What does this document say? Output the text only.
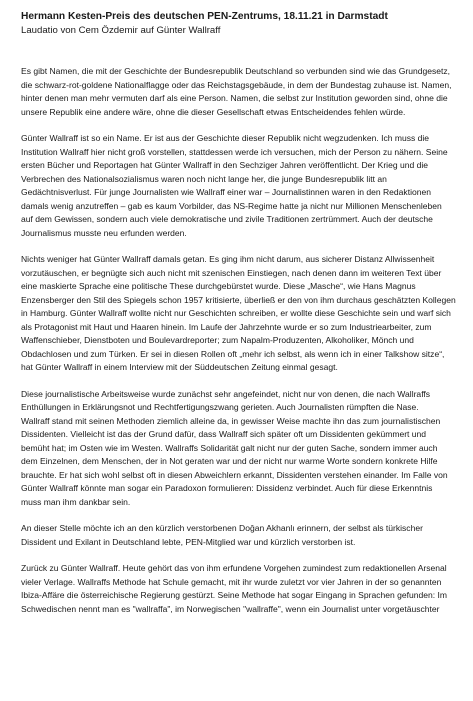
Hermann Kesten-Preis des deutschen PEN-Zentrums, 18.11.21 in Darmstadt

Laudatio von Cem Özdemir auf Günter Wallraff

Es gibt Namen, die mit der Geschichte der Bundesrepublik Deutschland so verbunden sind wie das Grundgesetz,
die schwarz-rot-goldene Nationalflagge oder das Reichstagsgebäude, in dem der Bundestag zuhause ist. Namen,
hinter denen man mehr vermuten darf als eine Person. Namen, die selbst zur Institution geworden sind, ohne die
unsere Republik eine andere wäre, ohne die dieser Gesellschaft etwas Entscheidendes fehlen würde.
Günter Wallraff ist so ein Name. Er ist aus der Geschichte dieser Republik nicht wegzudenken. Ich muss die
Institution Wallraff hier nicht groß vorstellen, stattdessen werde ich versuchen, mich der Person zu nähern. Seine
ersten Bücher und Reportagen hat Günter Wallraff in den Sechziger Jahren veröffentlicht. Der Krieg und die
Verbrechen des Nationalsozialismus waren noch nicht lange her, die junge Bundesrepublik litt an
Gedächtnisverlust. Für junge Journalisten wie Wallraff einer war – Journalistinnen waren in den Redaktionen
damals wenig anzutreffen – gab es kaum Vorbilder, das NS-Regime hatte ja nicht nur Millionen Menschenleben
auf dem Gewissen, sondern auch viele demokratische und zivile Traditionen zertrümmert. Auch der deutsche
Journalismus musste neu erfunden werden.
Nichts weniger hat Günter Wallraff damals getan. Es ging ihm nicht darum, aus sicherer Distanz Allwissenheit
vorzutäuschen, er begnügte sich auch nicht mit szenischen Einstiegen, nach denen dann im weiteren Text über
eine maskierte Sprache eine politische These durchgebürstet wurde. Diese „Masche“, wie Hans Magnus
Enzensberger den Stil des Spiegels schon 1957 kritisierte, überließ er den von ihm durchaus geschätzten Kollegen
in Hamburg. Günter Wallraff wollte nicht nur Geschichten schreiben, er wollte diese Geschichte sein und warf sich
als Protagonist mit Haut und Haaren hinein. Im Laufe der Jahrzehnte wurde er so zum Industriearbeiter, zum
Waffenschieber, Dienstboten und Boulevardreporter; zum Napalm-Produzenten, Alkoholiker, Mönch und
Obdachlosen und zum Türken. Er sei in diesen Rollen oft „mehr ich selbst, als wenn ich in einer Talkshow sitze“,
hat Günter Wallraff in einem Interview mit der Süddeutschen Zeitung einmal gesagt.
Diese journalistische Arbeitsweise wurde zunächst sehr angefeindet, nicht nur von denen, die nach Wallraffs
Enthüllungen in Erklärungsnot und Rechtfertigungszwang gerieten. Auch Journalisten rümpften die Nase.
Wallraff stand mit seinen Methoden ziemlich alleine da, in gewisser Weise machte ihn das zum journalistischen
Dissidenten. Vielleicht ist das der Grund dafür, dass Wallraff sich später oft um Dissidenten gekümmert und
bemüht hat; im Osten wie im Westen. Wallraffs Solidarität galt nicht nur der guten Sache, sondern immer auch
dem Einzelnen, dem Menschen, der in Not geraten war und der nicht nur warme Worte sondern konkrete Hilfe
brauchte. Er hat sich wohl selbst oft in diesen Abweichlern erkannt, Dissidenten verstehen einander. Im Falle von
Günter Wallraff könnte man sogar ein Paradoxon formulieren: Dissidenz verbindet. Auch für diese Erkenntnis
muss man ihm dankbar sein.
An dieser Stelle möchte ich an den kürzlich verstorbenen Doğan Akhanlı erinnern, der selbst als türkischer
Dissident und Exilant in Deutschland lebte, PEN-Mitglied war und kürzlich verstorben ist.
Zurück zu Günter Wallraff. Heute gehört das von ihm erfundene Vorgehen zumindest zum redaktionellen Arsenal
vieler Verlage. Wallraffs Methode hat Schule gemacht, mit ihr wurde zuletzt vor vier Jahren in der so genannten
Ibiza-Affäre die österreichische Regierung gestürzt. Seine Methode hat sogar Eingang in Sprachen gefunden: Im
Schwedischen nennt man es "wallraffa", im Norwegischen "wallraffe", wenn ein Journalist unter vorgetäuschter
